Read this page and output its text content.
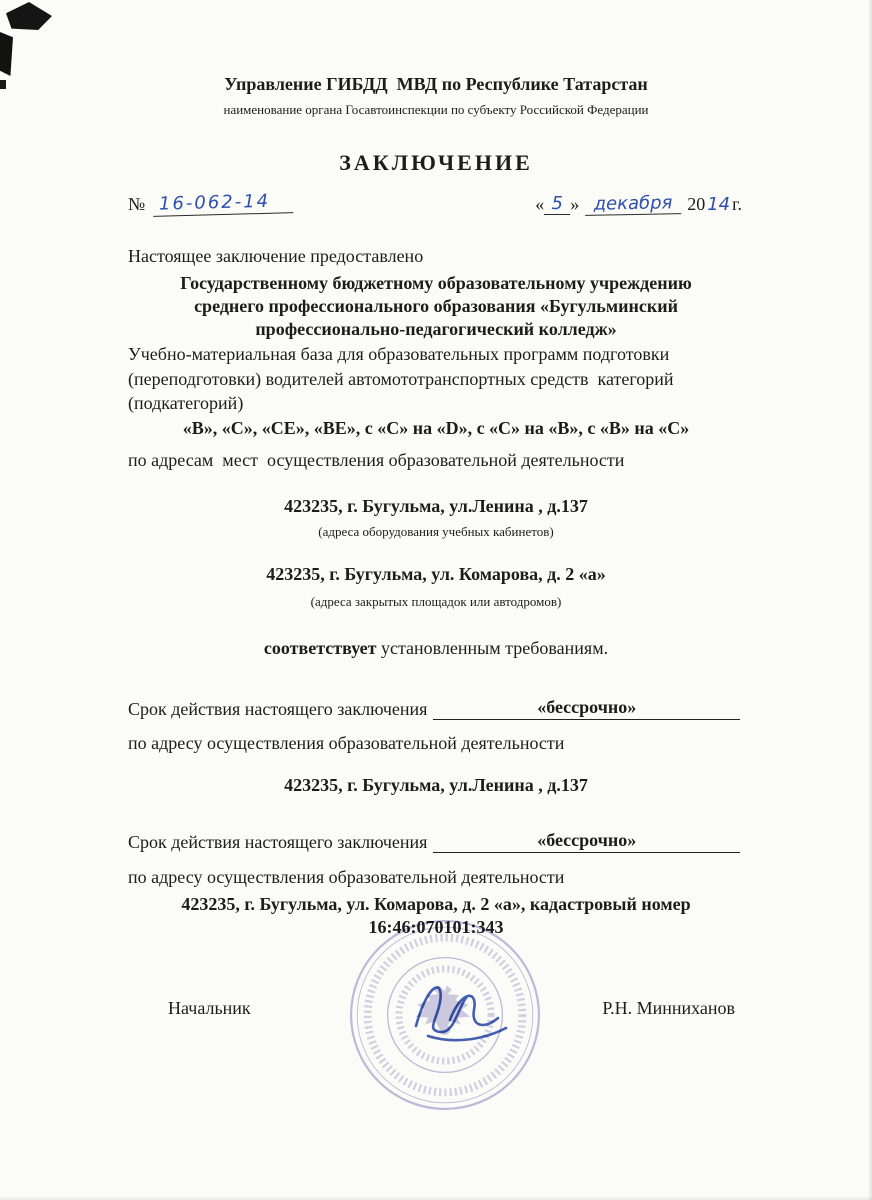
Управление ГИБДД  МВД по Республике Татарстан
наименование органа Госавтоинспекции по субъекту Российской Федерации
ЗАКЛЮЧЕНИЕ
№ 16-062-14	« 5 » декабря 20 14 г.
Настоящее заключение предоставлено
Государственному бюджетному образовательному учреждению
среднего профессионального образования «Бугульминский
профессионально-педагогический колледж»
Учебно-материальная база для образовательных программ подготовки
(переподготовки) водителей автомототранспортных средств  категорий
(подкатегорий)
«В», «С», «СЕ», «ВЕ», с «С» на «D», с «С» на «В», с «В» на «С»
по адресам  мест  осуществления образовательной деятельности
423235, г. Бугульма, ул.Ленина , д.137
(адреса оборудования учебных кабинетов)
423235, г. Бугульма, ул. Комарова, д. 2 «а»
(адреса закрытых площадок или автодромов)
соответствует установленным требованиям.
Срок действия настоящего заключения	«бессрочно»
по адресу осуществления образовательной деятельности
423235, г. Бугульма, ул.Ленина , д.137
Срок действия настоящего заключения	«бессрочно»
по адресу осуществления образовательной деятельности
423235, г. Бугульма, ул. Комарова, д. 2 «а», кадастровый номер
16:46:070101:343
Начальник	Р.Н. Минниханов
